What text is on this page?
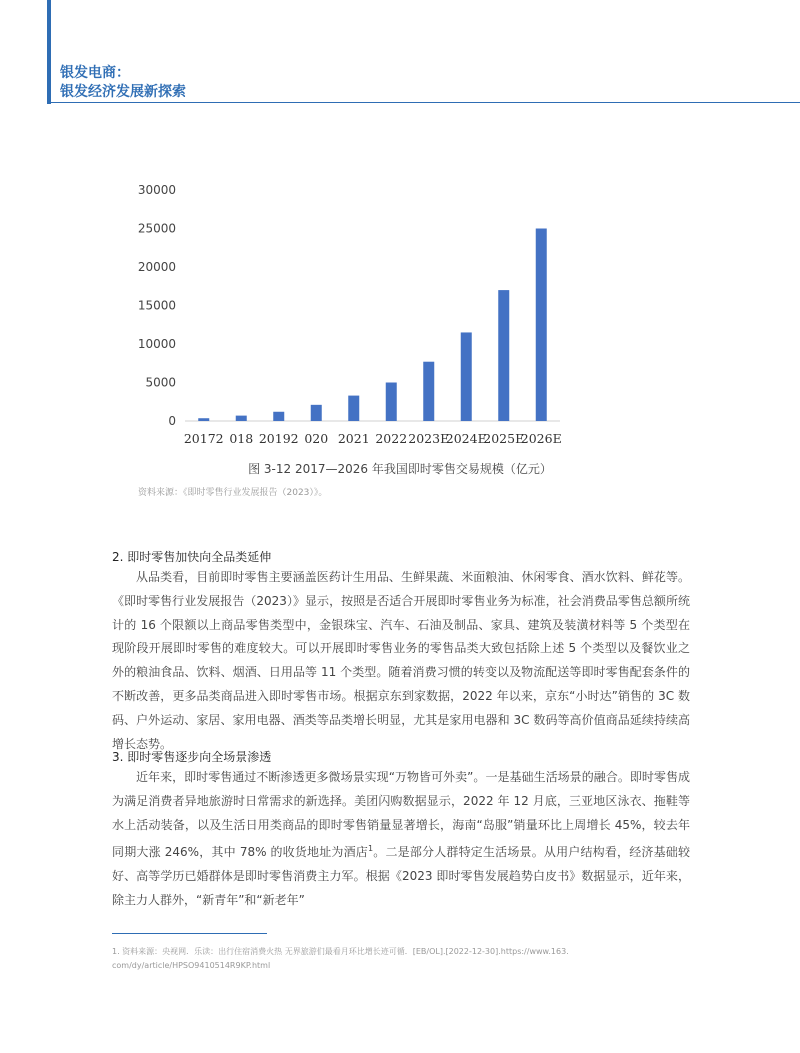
银发电商：
银发经济发展新探索
0
5000
10000
15000
20000
25000
30000
20172 018 20192 020 2021 2022 2023E
2024E
2025E
2026E
图 3-12 2017—2026 年我国即时零售交易规模（亿元）
资料来源：《即时零售行业发展报告（2023）》。
2. 即时零售加快向全品类延伸

从品类看，目前即时零售主要涵盖医药计生用品、生鲜果蔬、米面粮油、休闲零食、酒水饮料、鲜花等。《即时零售行业发展报告（2023）》显示，按照是否适合开展即时零售业务为标准，社会消费品零售总额所统计的 16 个限额以上商品零售类型中，金银珠宝、汽车、石油及制品、家具、建筑及装潢材料等 5 个类型在现阶段开展即时零售的难度较大。可以开展即时零售业务的零售品类大致包括除上述 5 个类型以及餐饮业之外的粮油食品、饮料、烟酒、日用品等 11 个类型。随着消费习惯的转变以及物流配送等即时零售配套条件的不断改善，更多品类商品进入即时零售市场。根据京东到家数据，2022 年以来，京东“小时达”销售的 3C 数码、户外运动、家居、家用电器、酒类等品类增长明显，尤其是家用电器和 3C 数码等高价值商品延续持续高增长态势。

3. 即时零售逐步向全场景渗透

近年来，即时零售通过不断渗透更多微场景实现“万物皆可外卖”。一是基础生活场景的融合。即时零售成为满足消费者异地旅游时日常需求的新选择。美团闪购数据显示，2022 年 12 月底，三亚地区泳衣、拖鞋等水上活动装备，以及生活日用类商品的即时零售销量显著增长，海南“岛服”销量环比上周增长 45%，较去年同期大涨 246%，其中 78% 的收货地址为酒店$^1$。二是部分人群特定生活场景。从用户结构看，经济基础较好、高等学历已婚群体是即时零售消费主力军。根据《2023 即时零售发展趋势白皮书》数据显示，近年来，除主力人群外，“新青年”和“新老年”

1. 资料来源：央视网．乐读：出行住宿消费火热 无界旅游们最看月环比增长迹可循．[EB/OL].[2022-12-30].https://www.163.
com/dy/article/HPSO9410514R9KP.html
